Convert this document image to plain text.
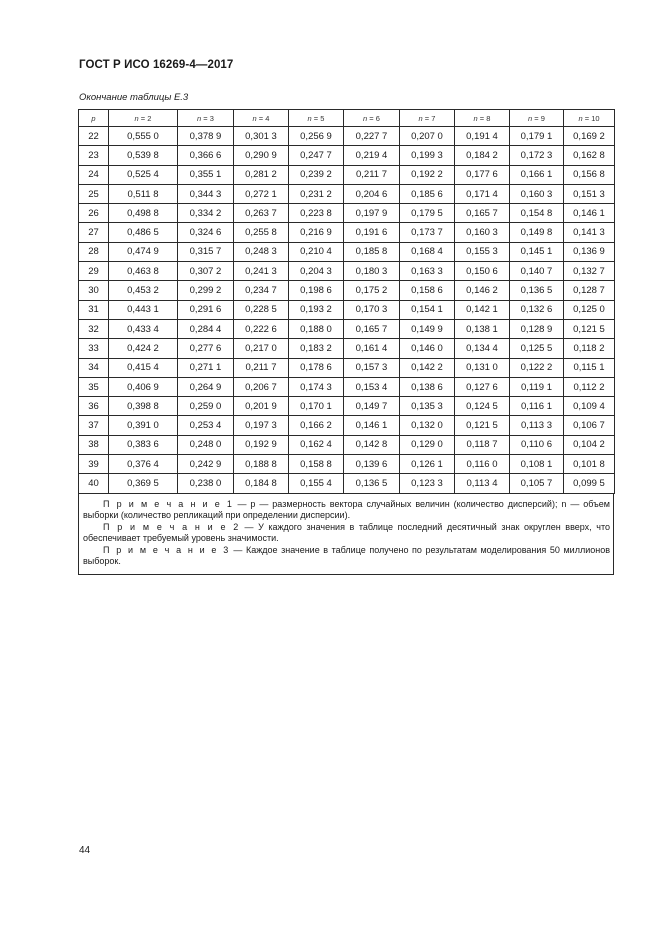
ГОСТ Р ИСО 16269-4—2017
Окончание таблицы Е.3
p	n = 2	n = 3	n = 4	n = 5	n = 6	n = 7	n = 8	n = 9	n = 10
22	0,555 0	0,378 9	0,301 3	0,256 9	0,227 7	0,207 0	0,191 4	0,179 1	0,169 2
23	0,539 8	0,366 6	0,290 9	0,247 7	0,219 4	0,199 3	0,184 2	0,172 3	0,162 8
24	0,525 4	0,355 1	0,281 2	0,239 2	0,211 7	0,192 2	0,177 6	0,166 1	0,156 8
25	0,511 8	0,344 3	0,272 1	0,231 2	0,204 6	0,185 6	0,171 4	0,160 3	0,151 3
26	0,498 8	0,334 2	0,263 7	0,223 8	0,197 9	0,179 5	0,165 7	0,154 8	0,146 1
27	0,486 5	0,324 6	0,255 8	0,216 9	0,191 6	0,173 7	0,160 3	0,149 8	0,141 3
28	0,474 9	0,315 7	0,248 3	0,210 4	0,185 8	0,168 4	0,155 3	0,145 1	0,136 9
29	0,463 8	0,307 2	0,241 3	0,204 3	0,180 3	0,163 3	0,150 6	0,140 7	0,132 7
30	0,453 2	0,299 2	0,234 7	0,198 6	0,175 2	0,158 6	0,146 2	0,136 5	0,128 7
31	0,443 1	0,291 6	0,228 5	0,193 2	0,170 3	0,154 1	0,142 1	0,132 6	0,125 0
32	0,433 4	0,284 4	0,222 6	0,188 0	0,165 7	0,149 9	0,138 1	0,128 9	0,121 5
33	0,424 2	0,277 6	0,217 0	0,183 2	0,161 4	0,146 0	0,134 4	0,125 5	0,118 2
34	0,415 4	0,271 1	0,211 7	0,178 6	0,157 3	0,142 2	0,131 0	0,122 2	0,115 1
35	0,406 9	0,264 9	0,206 7	0,174 3	0,153 4	0,138 6	0,127 6	0,119 1	0,112 2
36	0,398 8	0,259 0	0,201 9	0,170 1	0,149 7	0,135 3	0,124 5	0,116 1	0,109 4
37	0,391 0	0,253 4	0,197 3	0,166 2	0,146 1	0,132 0	0,121 5	0,113 3	0,106 7
38	0,383 6	0,248 0	0,192 9	0,162 4	0,142 8	0,129 0	0,118 7	0,110 6	0,104 2
39	0,376 4	0,242 9	0,188 8	0,158 8	0,139 6	0,126 1	0,116 0	0,108 1	0,101 8
40	0,369 5	0,238 0	0,184 8	0,155 4	0,136 5	0,123 3	0,113 4	0,105 7	0,099 5

П р и м е ч а н и е 1 — p — размерность вектора случайных величин (количество дисперсий); n — объем выборки (количество репликаций при определении дисперсии).

П р и м е ч а н и е 2 — У каждого значения в таблице последний десятичный знак округлен вверх, что обеспечивает требуемый уровень значимости.

П р и м е ч а н и е 3 — Каждое значение в таблице получено по результатам моделирования 50 миллионов выборок.

44
